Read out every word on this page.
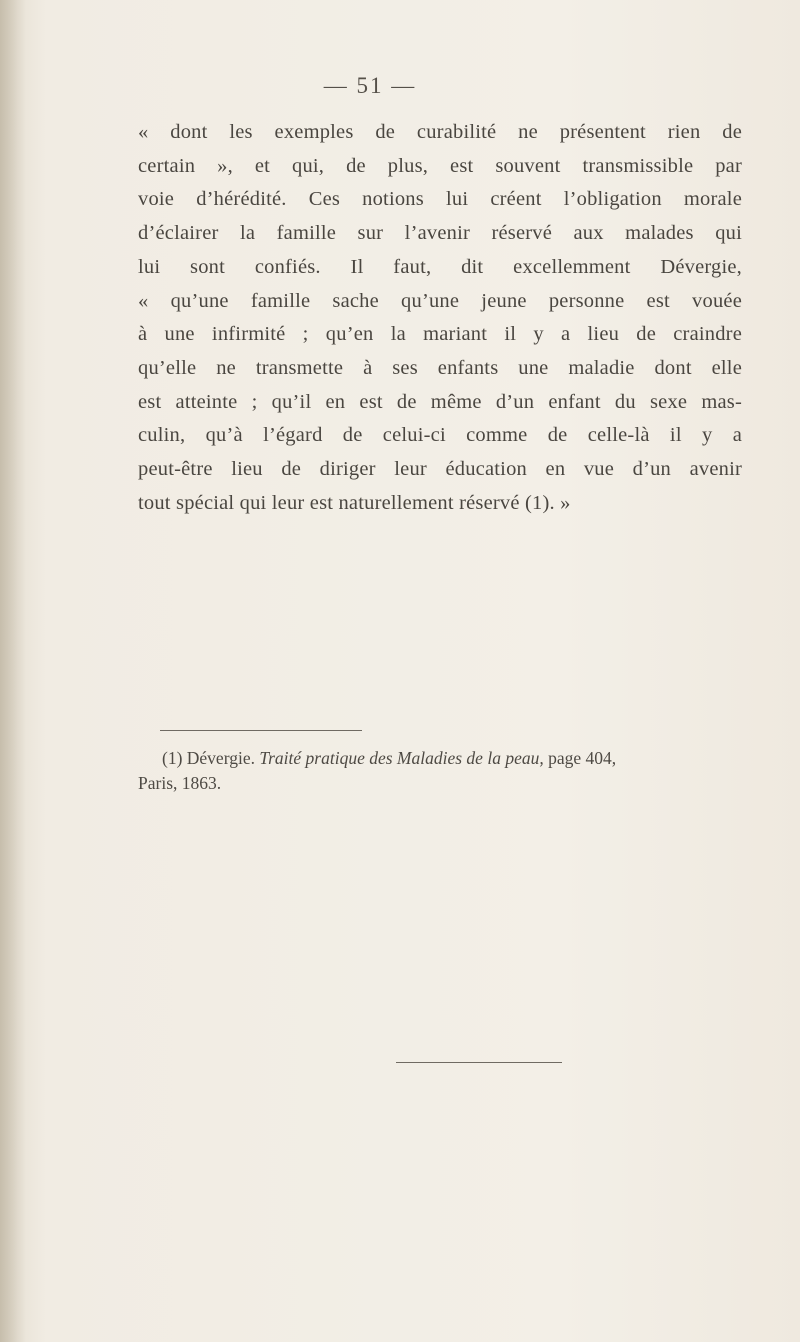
— 51 —
« dont les exemples de curabilité ne présentent rien de
certain », et qui, de plus, est souvent transmissible par
voie d’hérédité. Ces notions lui créent l’obligation morale
d’éclairer la famille sur l’avenir réservé aux malades qui
lui sont confiés. Il faut, dit excellemment Dévergie,
« qu’une famille sache qu’une jeune personne est vouée
à une infirmité ; qu’en la mariant il y a lieu de craindre
qu’elle ne transmette à ses enfants une maladie dont elle
est atteinte ; qu’il en est de même d’un enfant du sexe mas-
culin, qu’à l’égard de celui-ci comme de celle-là il y a
peut-être lieu de diriger leur éducation en vue d’un avenir
tout spécial qui leur est naturellement réservé (1). »
(1) Dévergie. Traité pratique des Maladies de la peau, page 404,
Paris, 1863.
